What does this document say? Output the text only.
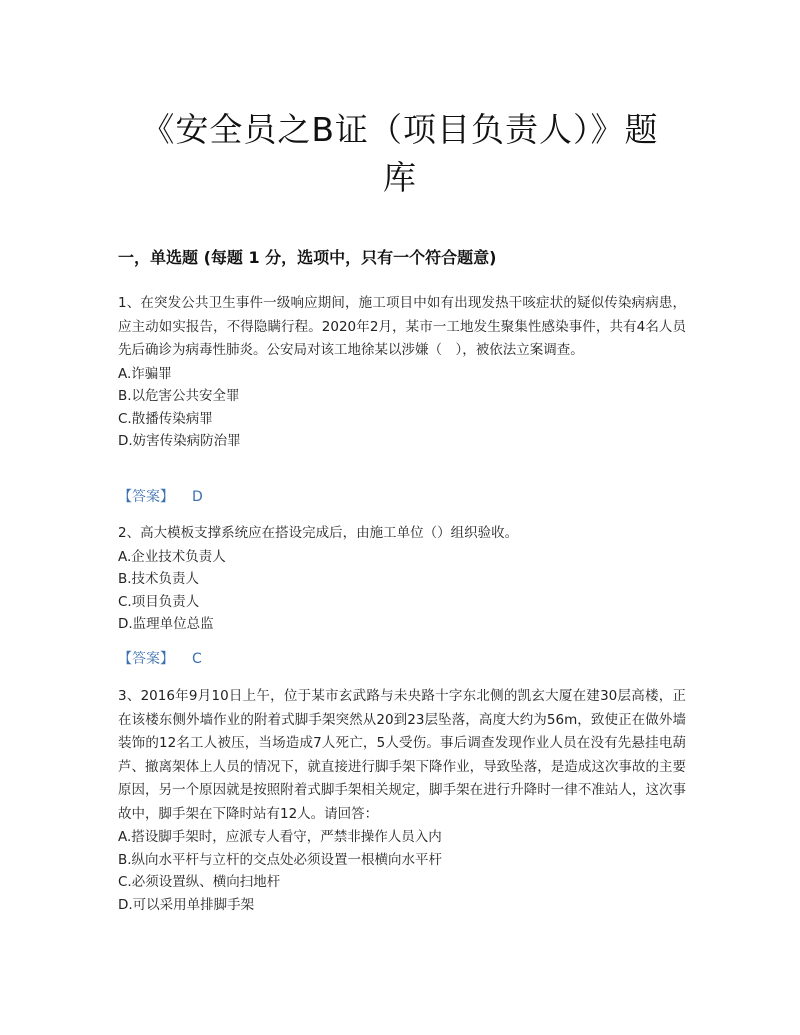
《安全员之B证（项目负责人）》题
库
一，单选题 (每题 1 分，选项中，只有一个符合题意)

1、在突发公共卫生事件一级响应期间，施工项目中如有出现发热干咳症状的疑似传染病病患，应主动如实报告，不得隐瞒行程。2020年2月，某市一工地发生聚集性感染事件，共有4名人员先后确诊为病毒性肺炎。公安局对该工地徐某以涉嫌（　），被依法立案调查。

A.诈骗罪

B.以危害公共安全罪

C.散播传染病罪

D.妨害传染病防治罪

【答案】 D

2、高大模板支撑系统应在搭设完成后，由施工单位（）组织验收。

A.企业技术负责人

B.技术负责人

C.项目负责人

D.监理单位总监

【答案】 C

3、2016年9月10日上午，位于某市玄武路与未央路十字东北侧的凯玄大厦在建30层高楼，正在该楼东侧外墙作业的附着式脚手架突然从20到23层坠落，高度大约为56m，致使正在做外墙装饰的12名工人被压，当场造成7人死亡，5人受伤。事后调查发现作业人员在没有先悬挂电葫芦、撤离架体上人员的情况下，就直接进行脚手架下降作业，导致坠落，是造成这次事故的主要原因，另一个原因就是按照附着式脚手架相关规定，脚手架在进行升降时一律不准站人，这次事故中，脚手架在下降时站有12人。请回答：

A.搭设脚手架时，应派专人看守，严禁非操作人员入内

B.纵向水平杆与立杆的交点处必须设置一根横向水平杆

C.必须设置纵、横向扫地杆

D.可以采用单排脚手架
